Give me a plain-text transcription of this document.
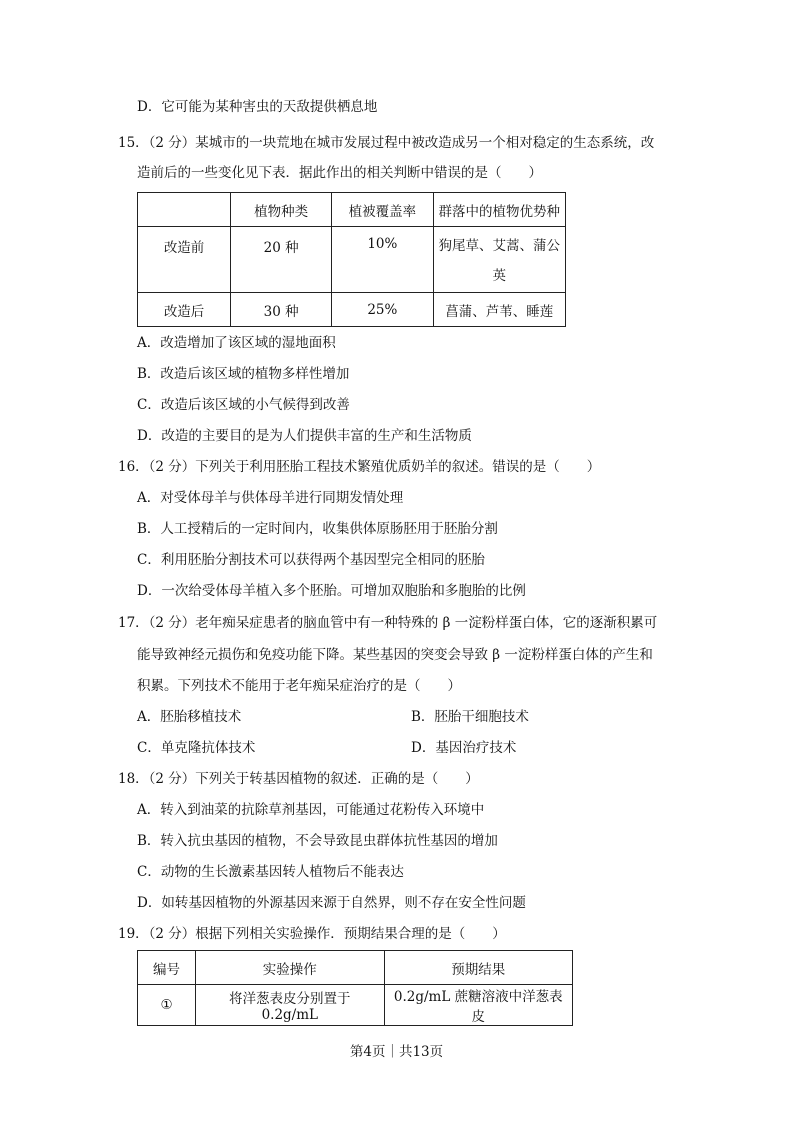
D．它可能为某种害虫的天敌提供栖息地
15．（2 分）某城市的一块荒地在城市发展过程中被改造成另一个相对稳定的生态系统，改
造前后的一些变化见下表．据此作出的相关判断中错误的是（　　）
	植物种类	植被覆盖率	群落中的植物优势种
改造前	20 种	10%	狗尾草、艾蒿、蒲公
英

改造后	30 种	25%	菖蒲、芦苇、睡莲
A．改造增加了该区域的湿地面积
B．改造后该区域的植物多样性增加
C．改造后该区域的小气候得到改善
D．改造的主要目的是为人们提供丰富的生产和生活物质
16．（2 分）下列关于利用胚胎工程技术繁殖优质奶羊的叙述。错误的是（　　）
A．对受体母羊与供体母羊进行同期发情处理
B．人工授精后的一定时间内，收集供体原肠胚用于胚胎分割
C．利用胚胎分割技术可以获得两个基因型完全相同的胚胎
D．一次给受体母羊植入多个胚胎。可增加双胞胎和多胞胎的比例
17．（2 分）老年痴呆症患者的脑血管中有一种特殊的 β 一淀粉样蛋白体，它的逐渐积累可
能导致神经元损伤和免疫功能下降。某些基因的突变会导致 β 一淀粉样蛋白体的产生和
积累。下列技术不能用于老年痴呆症治疗的是（　　）
A．胚胎移植技术	B．胚胎干细胞技术
C．单克隆抗体技术	D．基因治疗技术
18．（2 分）下列关于转基因植物的叙述．正确的是（　　）
A．转入到油菜的抗除草剂基因，可能通过花粉传入环境中
B．转入抗虫基因的植物，不会导致昆虫群体抗性基因的增加
C．动物的生长激素基因转人植物后不能表达
D．如转基因植物的外源基因来源于自然界，则不存在安全性问题
19．（2 分）根据下列相关实验操作．预期结果合理的是（　　）
编号	实验操作	预期结果
①	将洋葱表皮分别置于 0.2g/mL	0.2g/mL 蔗糖溶液中洋葱表皮
第4页｜共13页
